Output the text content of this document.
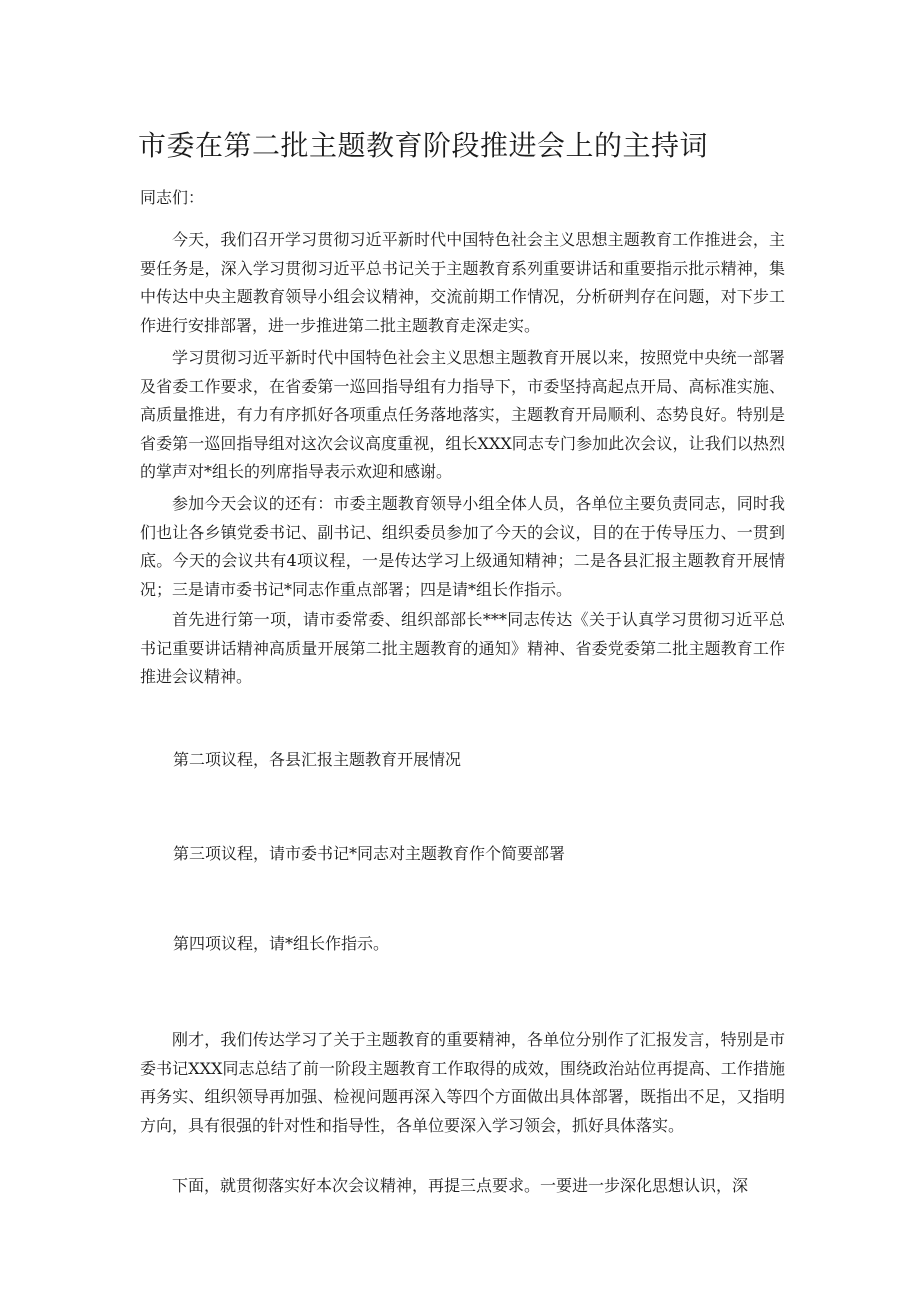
市委在第二批主题教育阶段推进会上的主持词

同志们：

今天，我们召开学习贯彻习近平新时代中国特色社会主义思想主题教育工作推进会，主要任务是，深入学习贯彻习近平总书记关于主题教育系列重要讲话和重要指示批示精神，集中传达中央主题教育领导小组会议精神，交流前期工作情况，分析研判存在问题，对下步工作进行安排部署，进一步推进第二批主题教育走深走实。

学习贯彻习近平新时代中国特色社会主义思想主题教育开展以来，按照党中央统一部署及省委工作要求，在省委第一巡回指导组有力指导下，市委坚持高起点开局、高标准实施、高质量推进，有力有序抓好各项重点任务落地落实，主题教育开局顺利、态势良好。特别是省委第一巡回指导组对这次会议高度重视，组长XXX同志专门参加此次会议，让我们以热烈的掌声对*组长的列席指导表示欢迎和感谢。

参加今天会议的还有：市委主题教育领导小组全体人员，各单位主要负责同志，同时我们也让各乡镇党委书记、副书记、组织委员参加了今天的会议，目的在于传导压力、一贯到底。今天的会议共有4项议程，一是传达学习上级通知精神；二是各县汇报主题教育开展情况；三是请市委书记*同志作重点部署；四是请*组长作指示。

首先进行第一项，请市委常委、组织部部长***同志传达《关于认真学习贯彻习近平总书记重要讲话精神高质量开展第二批主题教育的通知》精神、省委党委第二批主题教育工作推进会议精神。

第二项议程，各县汇报主题教育开展情况

第三项议程，请市委书记*同志对主题教育作个简要部署

第四项议程，请*组长作指示。

刚才，我们传达学习了关于主题教育的重要精神，各单位分别作了汇报发言，特别是市委书记XXX同志总结了前一阶段主题教育工作取得的成效，围绕政治站位再提高、工作措施再务实、组织领导再加强、检视问题再深入等四个方面做出具体部署，既指出不足，又指明方向，具有很强的针对性和指导性，各单位要深入学习领会，抓好具体落实。

下面，就贯彻落实好本次会议精神，再提三点要求。一要进一步深化思想认识，深
